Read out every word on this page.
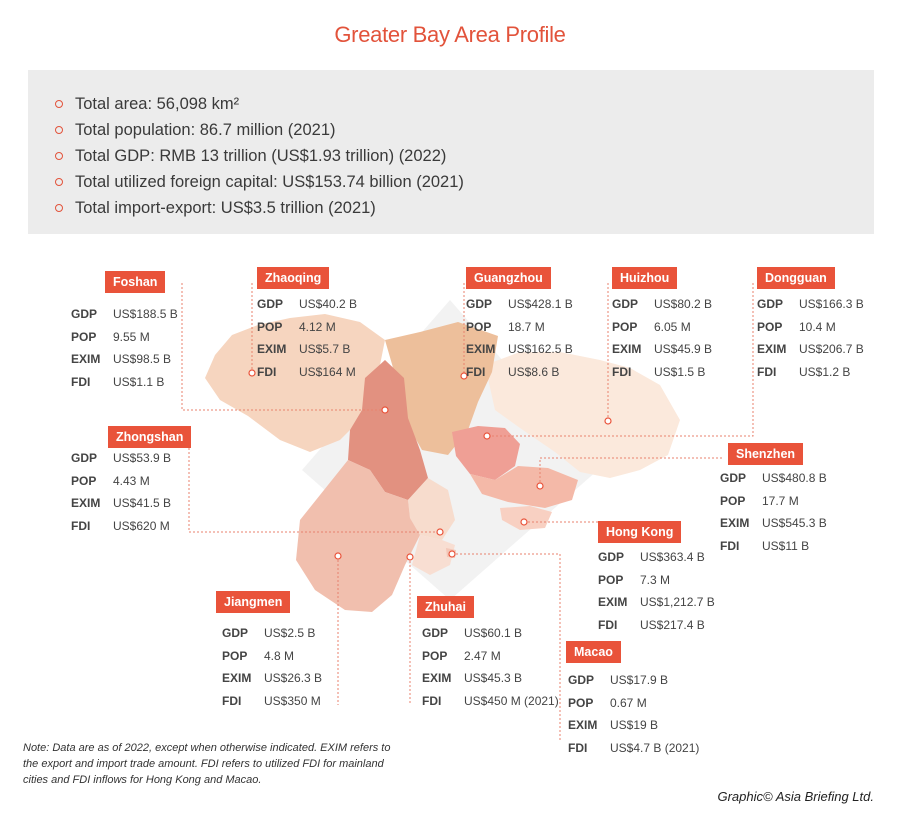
Greater Bay Area Profile
Total area: 56,098 km²
Total population: 86.7 million (2021)
Total GDP: RMB 13 trillion (US$1.93 trillion) (2022)
Total utilized foreign capital: US$153.74 billion (2021)
Total import-export: US$3.5 trillion (2021)
Foshan
GDP US$188.5 B
POP 9.55 M
EXIM US$98.5 B
FDI US$1.1 B
Zhaoqing
GDP US$40.2 B
POP 4.12 M
EXIM US$5.7 B
FDI US$164 M
Guangzhou
GDP US$428.1 B
POP 18.7 M
EXIM US$162.5 B
FDI US$8.6 B
Huizhou
GDP US$80.2 B
POP 6.05 M
EXIM US$45.9 B
FDI US$1.5 B
Dongguan
GDP US$166.3 B
POP 10.4 M
EXIM US$206.7 B
FDI US$1.2 B
Zhongshan
GDP US$53.9 B
POP 4.43 M
EXIM US$41.5 B
FDI US$620 M
Shenzhen
GDP US$480.8 B
POP 17.7 M
EXIM US$545.3 B
FDI US$11 B
Hong Kong
GDP US$363.4 B
POP 7.3 M
EXIM US$1,212.7 B
FDI US$217.4 B
Jiangmen
GDP US$2.5 B
POP 4.8 M
EXIM US$26.3 B
FDI US$350 M
Zhuhai
GDP US$60.1 B
POP 2.47 M
EXIM US$45.3 B
FDI US$450 M (2021)
Macao
GDP US$17.9 B
POP 0.67 M
EXIM US$19 B
FDI US$4.7 B (2021)
Note: Data are as of 2022, except when otherwise indicated. EXIM refers to the export and import trade amount. FDI refers to utilized FDI for mainland cities and FDI inflows for Hong Kong and Macao.
Graphic© Asia Briefing Ltd.
